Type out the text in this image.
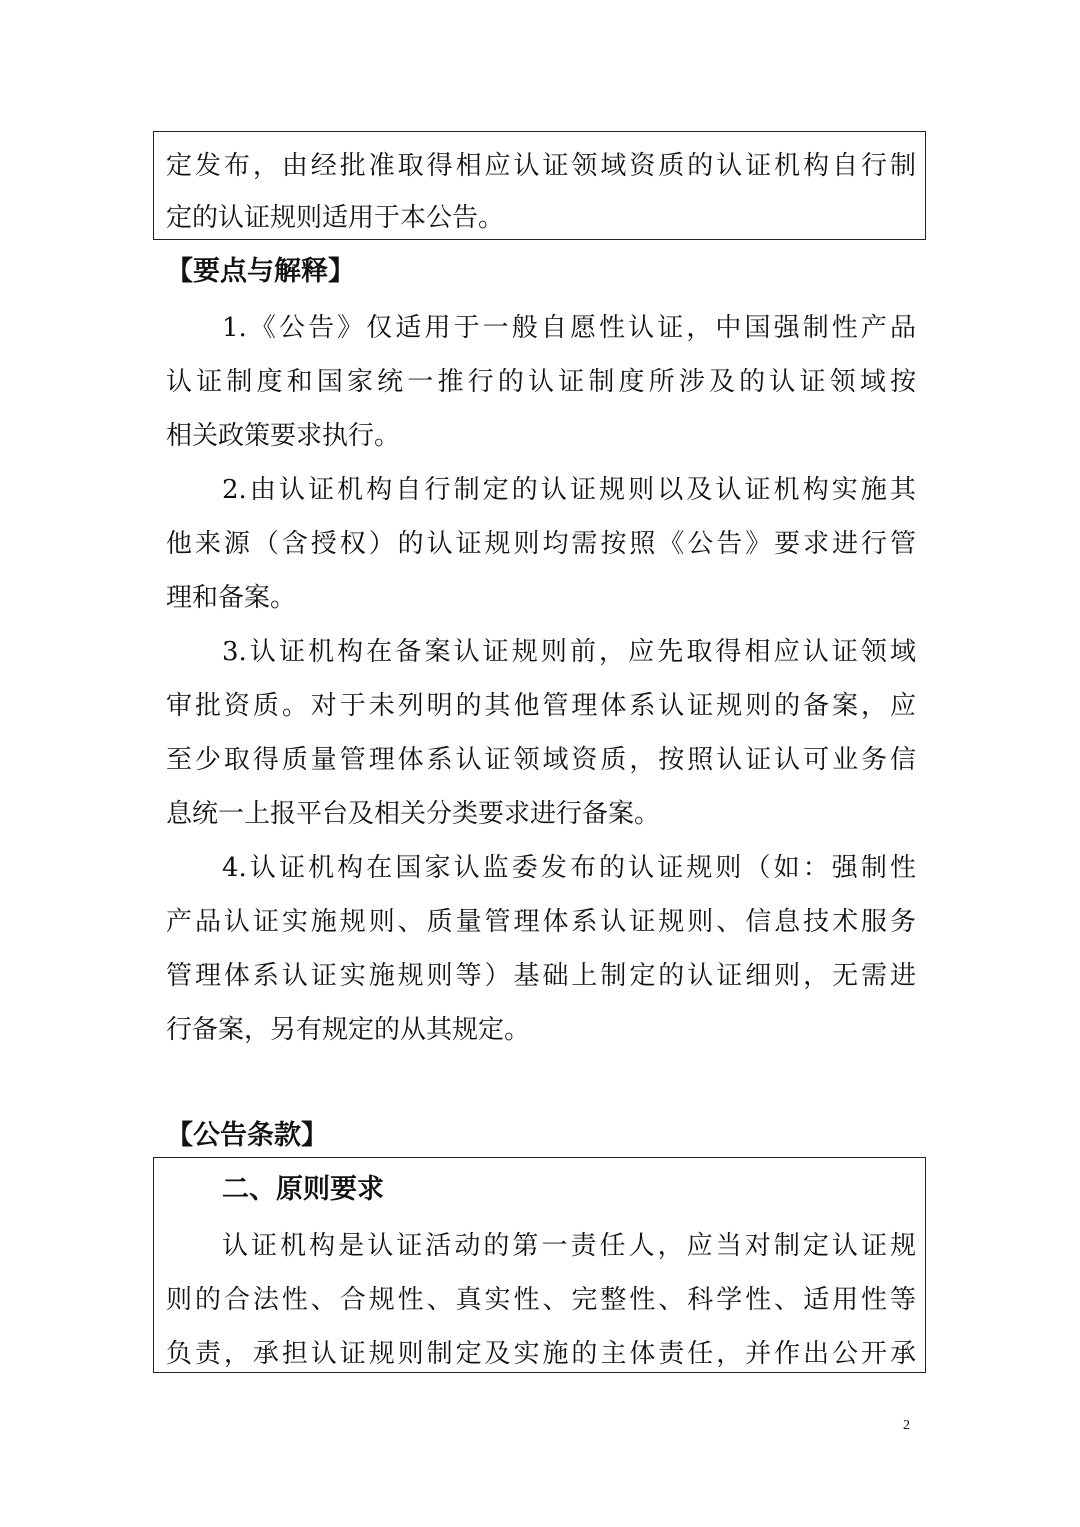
定发布，由经批准取得相应认证领域资质的认证机构自行制
定的认证规则适用于本公告。
【要点与解释】
1.《公告》仅适用于一般自愿性认证，中国强制性产品
认证制度和国家统一推行的认证制度所涉及的认证领域按
相关政策要求执行。
2.由认证机构自行制定的认证规则以及认证机构实施其
他来源（含授权）的认证规则均需按照《公告》要求进行管
理和备案。
3.认证机构在备案认证规则前，应先取得相应认证领域
审批资质。对于未列明的其他管理体系认证规则的备案，应
至少取得质量管理体系认证领域资质，按照认证认可业务信
息统一上报平台及相关分类要求进行备案。
4.认证机构在国家认监委发布的认证规则（如：强制性
产品认证实施规则、质量管理体系认证规则、信息技术服务
管理体系认证实施规则等）基础上制定的认证细则，无需进
行备案，另有规定的从其规定。
【公告条款】
二、原则要求
认证机构是认证活动的第一责任人，应当对制定认证规
则的合法性、合规性、真实性、完整性、科学性、适用性等
负责，承担认证规则制定及实施的主体责任，并作出公开承
2
